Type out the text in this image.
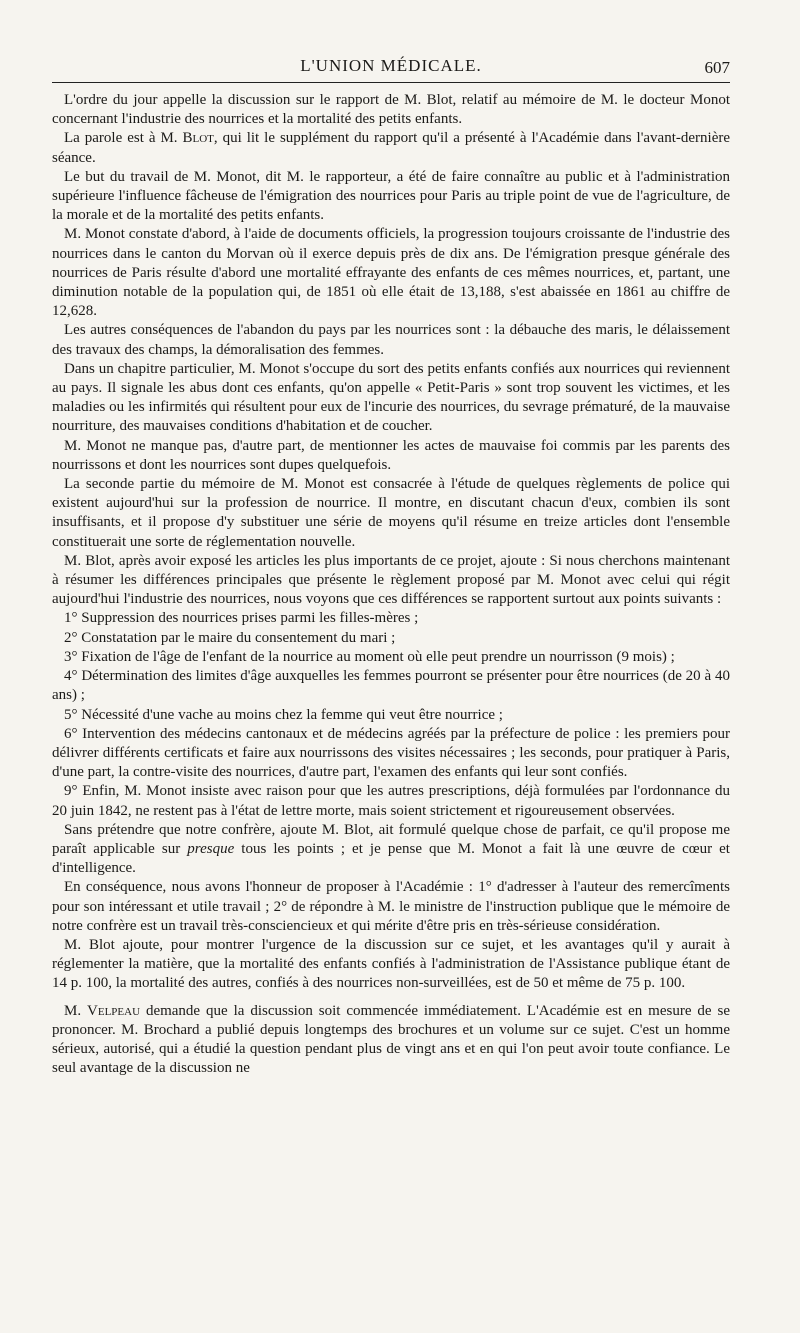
L'UNION MÉDICALE.	607

L'ordre du jour appelle la discussion sur le rapport de M. Blot, relatif au mémoire de M. le docteur Monot concernant l'industrie des nourrices et la mortalité des petits enfants.

La parole est à M. Blot, qui lit le supplément du rapport qu'il a présenté à l'Académie dans l'avant-dernière séance.

Le but du travail de M. Monot, dit M. le rapporteur, a été de faire connaître au public et à l'administration supérieure l'influence fâcheuse de l'émigration des nourrices pour Paris au triple point de vue de l'agriculture, de la morale et de la mortalité des petits enfants.

M. Monot constate d'abord, à l'aide de documents officiels, la progression toujours croissante de l'industrie des nourrices dans le canton du Morvan où il exerce depuis près de dix ans. De l'émigration presque générale des nourrices de Paris résulte d'abord une mortalité effrayante des enfants de ces mêmes nourrices, et, partant, une diminution notable de la population qui, de 1851 où elle était de 13,188, s'est abaissée en 1861 au chiffre de 12,628.

Les autres conséquences de l'abandon du pays par les nourrices sont : la débauche des maris, le délaissement des travaux des champs, la démoralisation des femmes.

Dans un chapitre particulier, M. Monot s'occupe du sort des petits enfants confiés aux nourrices qui reviennent au pays. Il signale les abus dont ces enfants, qu'on appelle « Petit-Paris » sont trop souvent les victimes, et les maladies ou les infirmités qui résultent pour eux de l'incurie des nourrices, du sevrage prématuré, de la mauvaise nourriture, des mauvaises conditions d'habitation et de coucher.

M. Monot ne manque pas, d'autre part, de mentionner les actes de mauvaise foi commis par les parents des nourrissons et dont les nourrices sont dupes quelquefois.

La seconde partie du mémoire de M. Monot est consacrée à l'étude de quelques règlements de police qui existent aujourd'hui sur la profession de nourrice. Il montre, en discutant chacun d'eux, combien ils sont insuffisants, et il propose d'y substituer une série de moyens qu'il résume en treize articles dont l'ensemble constituerait une sorte de réglementation nouvelle.

M. Blot, après avoir exposé les articles les plus importants de ce projet, ajoute : Si nous cherchons maintenant à résumer les différences principales que présente le règlement proposé par M. Monot avec celui qui régit aujourd'hui l'industrie des nourrices, nous voyons que ces différences se rapportent surtout aux points suivants :

1° Suppression des nourrices prises parmi les filles-mères ;

2° Constatation par le maire du consentement du mari ;

3° Fixation de l'âge de l'enfant de la nourrice au moment où elle peut prendre un nourrisson (9 mois) ;

4° Détermination des limites d'âge auxquelles les femmes pourront se présenter pour être nourrices (de 20 à 40 ans) ;

5° Nécessité d'une vache au moins chez la femme qui veut être nourrice ;

6° Intervention des médecins cantonaux et de médecins agréés par la préfecture de police : les premiers pour délivrer différents certificats et faire aux nourrissons des visites nécessaires ; les seconds, pour pratiquer à Paris, d'une part, la contre-visite des nourrices, d'autre part, l'examen des enfants qui leur sont confiés.

9° Enfin, M. Monot insiste avec raison pour que les autres prescriptions, déjà formulées par l'ordonnance du 20 juin 1842, ne restent pas à l'état de lettre morte, mais soient strictement et rigoureusement observées.

Sans prétendre que notre confrère, ajoute M. Blot, ait formulé quelque chose de parfait, ce qu'il propose me paraît applicable sur presque tous les points ; et je pense que M. Monot a fait là une œuvre de cœur et d'intelligence.

En conséquence, nous avons l'honneur de proposer à l'Académie : 1° d'adresser à l'auteur des remercîments pour son intéressant et utile travail ; 2° de répondre à M. le ministre de l'instruction publique que le mémoire de notre confrère est un travail très-consciencieux et qui mérite d'être pris en très-sérieuse considération.

M. Blot ajoute, pour montrer l'urgence de la discussion sur ce sujet, et les avantages qu'il y aurait à réglementer la matière, que la mortalité des enfants confiés à l'administration de l'Assistance publique étant de 14 p. 100, la mortalité des autres, confiés à des nourrices non-surveillées, est de 50 et même de 75 p. 100.

M. Velpeau demande que la discussion soit commencée immédiatement. L'Académie est en mesure de se prononcer. M. Brochard a publié depuis longtemps des brochures et un volume sur ce sujet. C'est un homme sérieux, autorisé, qui a étudié la question pendant plus de vingt ans et en qui l'on peut avoir toute confiance. Le seul avantage de la discussion ne
